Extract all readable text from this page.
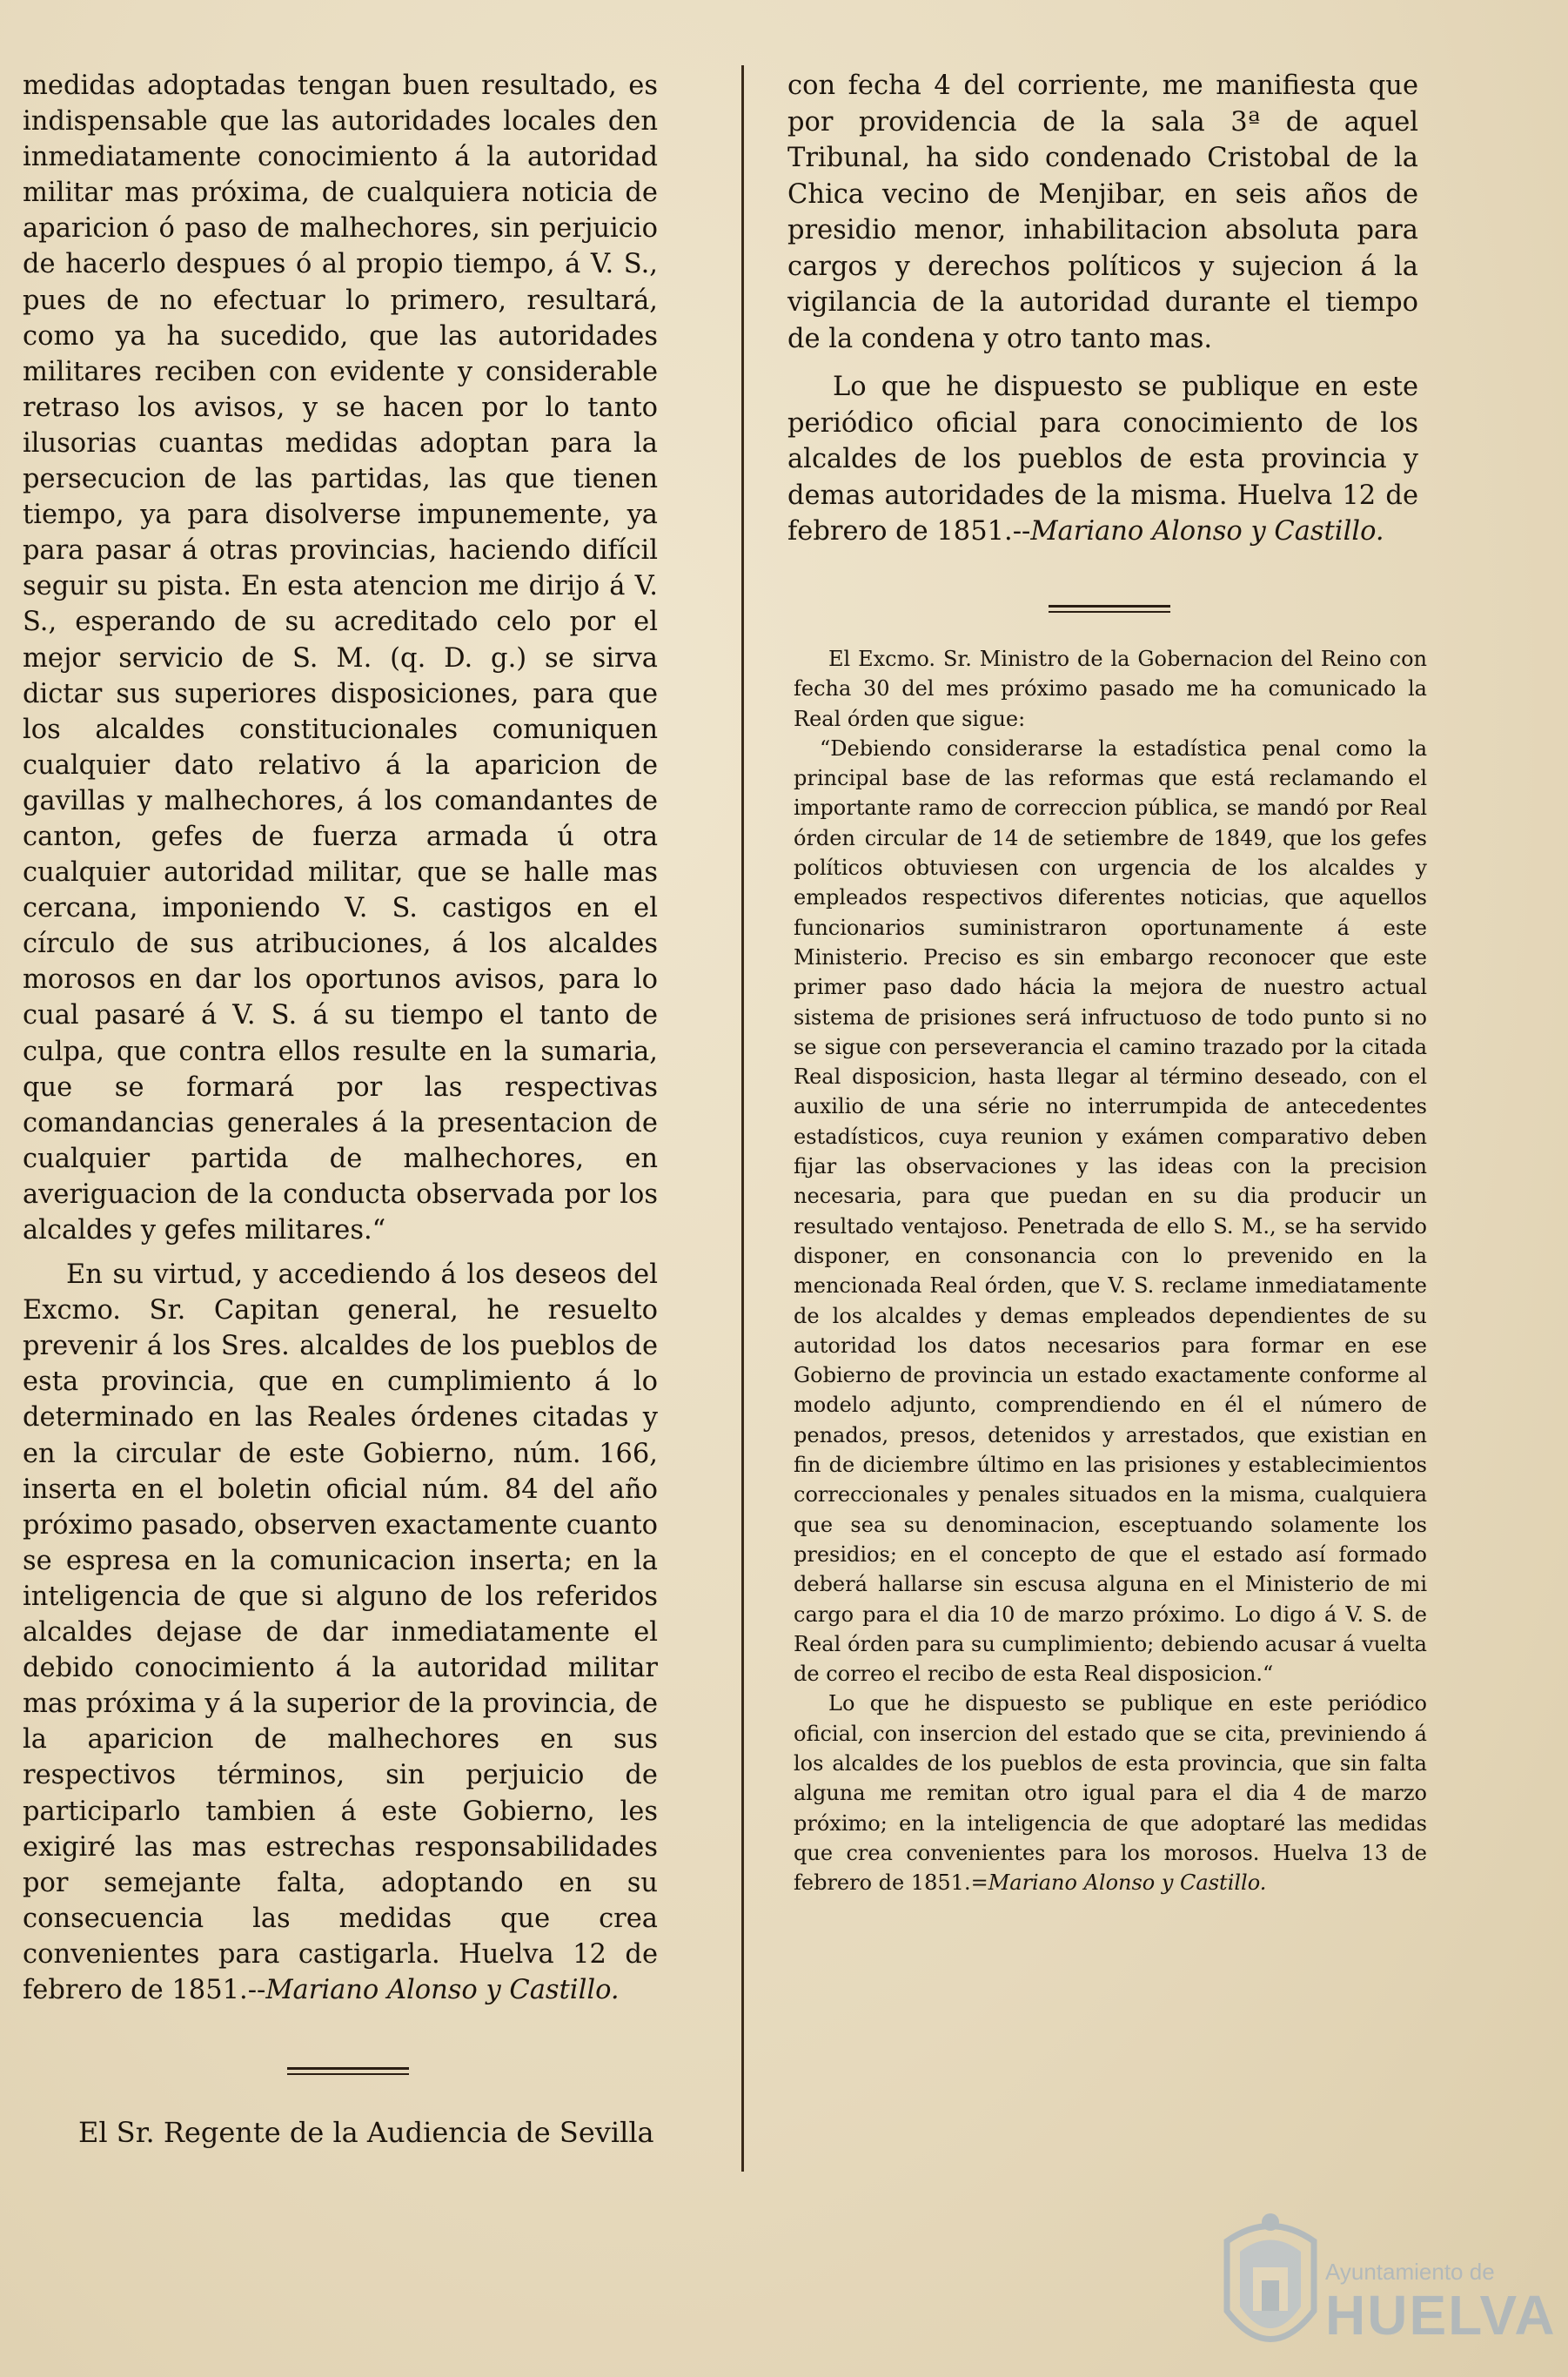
medidas adoptadas tengan buen resultado, es indispensable que las autoridades locales den inmediatamente conocimiento á la autoridad militar mas próxima, de cualquiera noticia de aparicion ó paso de malhechores, sin perjuicio de hacerlo despues ó al propio tiempo, á V. S., pues de no efectuar lo primero, resultará, como ya ha sucedido, que las autoridades militares reciben con evidente y considerable retraso los avisos, y se hacen por lo tanto ilusorias cuantas medidas adoptan para la persecucion de las partidas, las que tienen tiempo, ya para disolverse impunemente, ya para pasar á otras provincias, haciendo difícil seguir su pista. En esta atencion me dirijo á V. S., esperando de su acreditado celo por el mejor servicio de S. M. (q. D. g.) se sirva dictar sus superiores disposiciones, para que los alcaldes constitucionales comuniquen cualquier dato relativo á la aparicion de gavillas y malhechores, á los comandantes de canton, gefes de fuerza armada ú otra cualquier autoridad militar, que se halle mas cercana, imponiendo V. S. castigos en el círculo de sus atribuciones, á los alcaldes morosos en dar los oportunos avisos, para lo cual pasaré á V. S. á su tiempo el tanto de culpa, que contra ellos resulte en la sumaria, que se formará por las respectivas comandancias generales á la presentacion de cualquier partida de malhechores, en averiguacion de la conducta observada por los alcaldes y gefes militares.“

En su virtud, y accediendo á los deseos del Excmo. Sr. Capitan general, he resuelto prevenir á los Sres. alcaldes de los pueblos de esta provincia, que en cumplimiento á lo determinado en las Reales órdenes citadas y en la circular de este Gobierno, núm. 166, inserta en el boletin oficial núm. 84 del año próximo pasado, observen exactamente cuanto se espresa en la comunicacion inserta; en la inteligencia de que si alguno de los referidos alcaldes dejase de dar inmediatamente el debido conocimiento á la autoridad militar mas próxima y á la superior de la provincia, de la aparicion de malhechores en sus respectivos términos, sin perjuicio de participarlo tambien á este Gobierno, les exigiré las mas estrechas responsabilidades por semejante falta, adoptando en su consecuencia las medidas que crea convenientes para castigarla. Huelva 12 de febrero de 1851.--Mariano Alonso y Castillo.

El Sr. Regente de la Audiencia de Sevilla

con fecha 4 del corriente, me manifiesta que por providencia de la sala 3ª de aquel Tribunal, ha sido condenado Cristobal de la Chica vecino de Menjibar, en seis años de presidio menor, inhabilitacion absoluta para cargos y derechos políticos y sujecion á la vigilancia de la autoridad durante el tiempo de la condena y otro tanto mas.

Lo que he dispuesto se publique en este periódico oficial para conocimiento de los alcaldes de los pueblos de esta provincia y demas autoridades de la misma. Huelva 12 de febrero de 1851.--Mariano Alonso y Castillo.

El Excmo. Sr. Ministro de la Gobernacion del Reino con fecha 30 del mes próximo pasado me ha comunicado la Real órden que sigue:

“Debiendo considerarse la estadística penal como la principal base de las reformas que está reclamando el importante ramo de correccion pública, se mandó por Real órden circular de 14 de setiembre de 1849, que los gefes políticos obtuviesen con urgencia de los alcaldes y empleados respectivos diferentes noticias, que aquellos funcionarios suministraron oportunamente á este Ministerio. Preciso es sin embargo reconocer que este primer paso dado hácia la mejora de nuestro actual sistema de prisiones será infructuoso de todo punto si no se sigue con perseverancia el camino trazado por la citada Real disposicion, hasta llegar al término deseado, con el auxilio de una série no interrumpida de antecedentes estadísticos, cuya reunion y exámen comparativo deben fijar las observaciones y las ideas con la precision necesaria, para que puedan en su dia producir un resultado ventajoso. Penetrada de ello S. M., se ha servido disponer, en consonancia con lo prevenido en la mencionada Real órden, que V. S. reclame inmediatamente de los alcaldes y demas empleados dependientes de su autoridad los datos necesarios para formar en ese Gobierno de provincia un estado exactamente conforme al modelo adjunto, comprendiendo en él el número de penados, presos, detenidos y arrestados, que existian en fin de diciembre último en las prisiones y establecimientos correccionales y penales situados en la misma, cualquiera que sea su denominacion, esceptuando solamente los presidios; en el concepto de que el estado así formado deberá hallarse sin escusa alguna en el Ministerio de mi cargo para el dia 10 de marzo próximo. Lo digo á V. S. de Real órden para su cumplimiento; debiendo acusar á vuelta de correo el recibo de esta Real disposicion.“

Lo que he dispuesto se publique en este periódico oficial, con insercion del estado que se cita, previniendo á los alcaldes de los pueblos de esta provincia, que sin falta alguna me remitan otro igual para el dia 4 de marzo próximo; en la inteligencia de que adoptaré las medidas que crea convenientes para los morosos. Huelva 13 de febrero de 1851.=Mariano Alonso y Castillo.

Ayuntamiento de
HUELVA
